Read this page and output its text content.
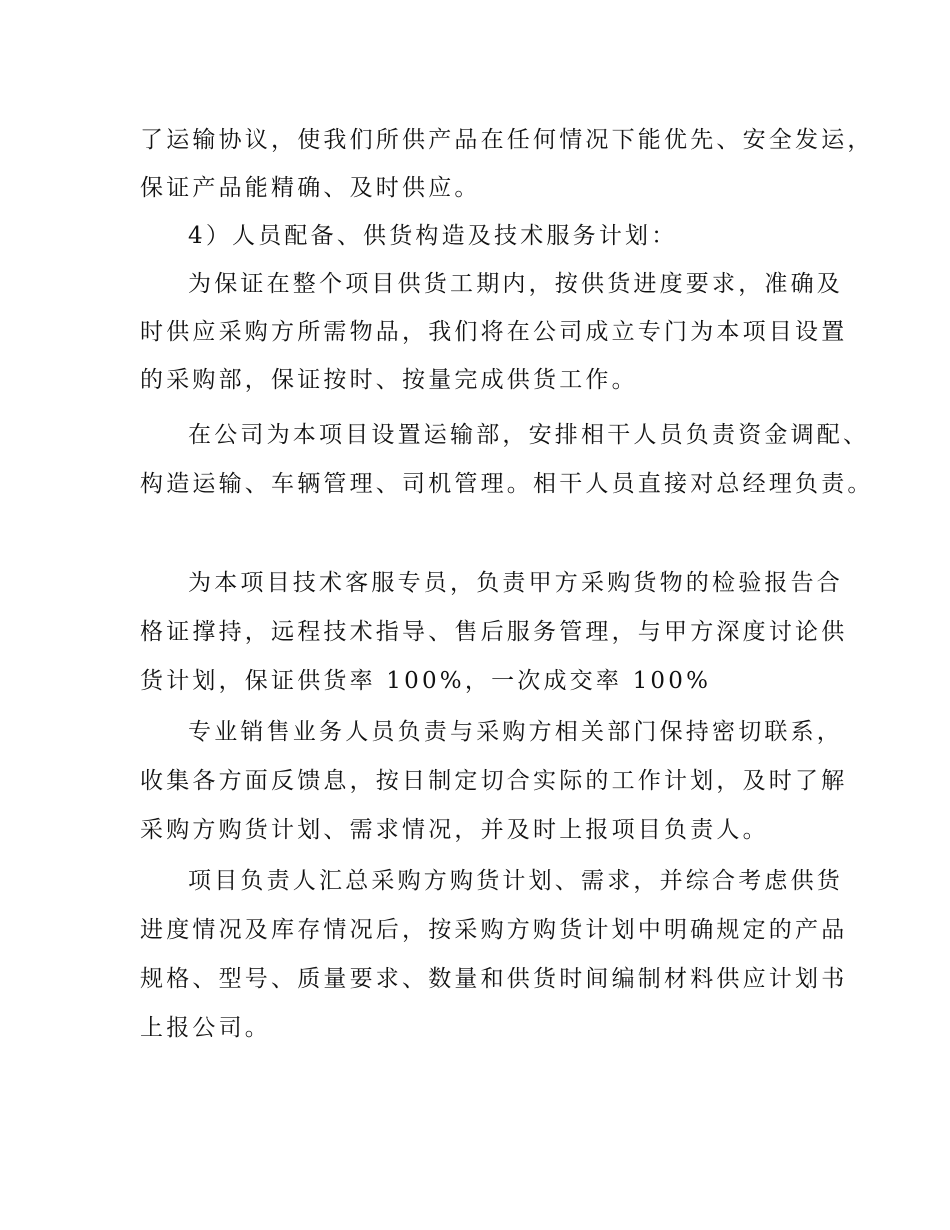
了运输协议，使我们所供产品在任何情况下能优先、安全发运，
保证产品能精确、及时供应。
4）人员配备、供货构造及技术服务计划：
为保证在整个项目供货工期内，按供货进度要求，准确及
时供应采购方所需物品，我们将在公司成立专门为本项目设置
的采购部，保证按时、按量完成供货工作。
在公司为本项目设置运输部，安排相干人员负责资金调配、
构造运输、车辆管理、司机管理。相干人员直接对总经理负责。
为本项目技术客服专员，负责甲方采购货物的检验报告合
格证撑持，远程技术指导、售后服务管理，与甲方深度讨论供
货计划，保证供货率 100%，一次成交率 100%
专业销售业务人员负责与采购方相关部门保持密切联系，
收集各方面反馈息，按日制定切合实际的工作计划，及时了解
采购方购货计划、需求情况，并及时上报项目负责人。
项目负责人汇总采购方购货计划、需求，并综合考虑供货
进度情况及库存情况后，按采购方购货计划中明确规定的产品
规格、型号、质量要求、数量和供货时间编制材料供应计划书
上报公司。
